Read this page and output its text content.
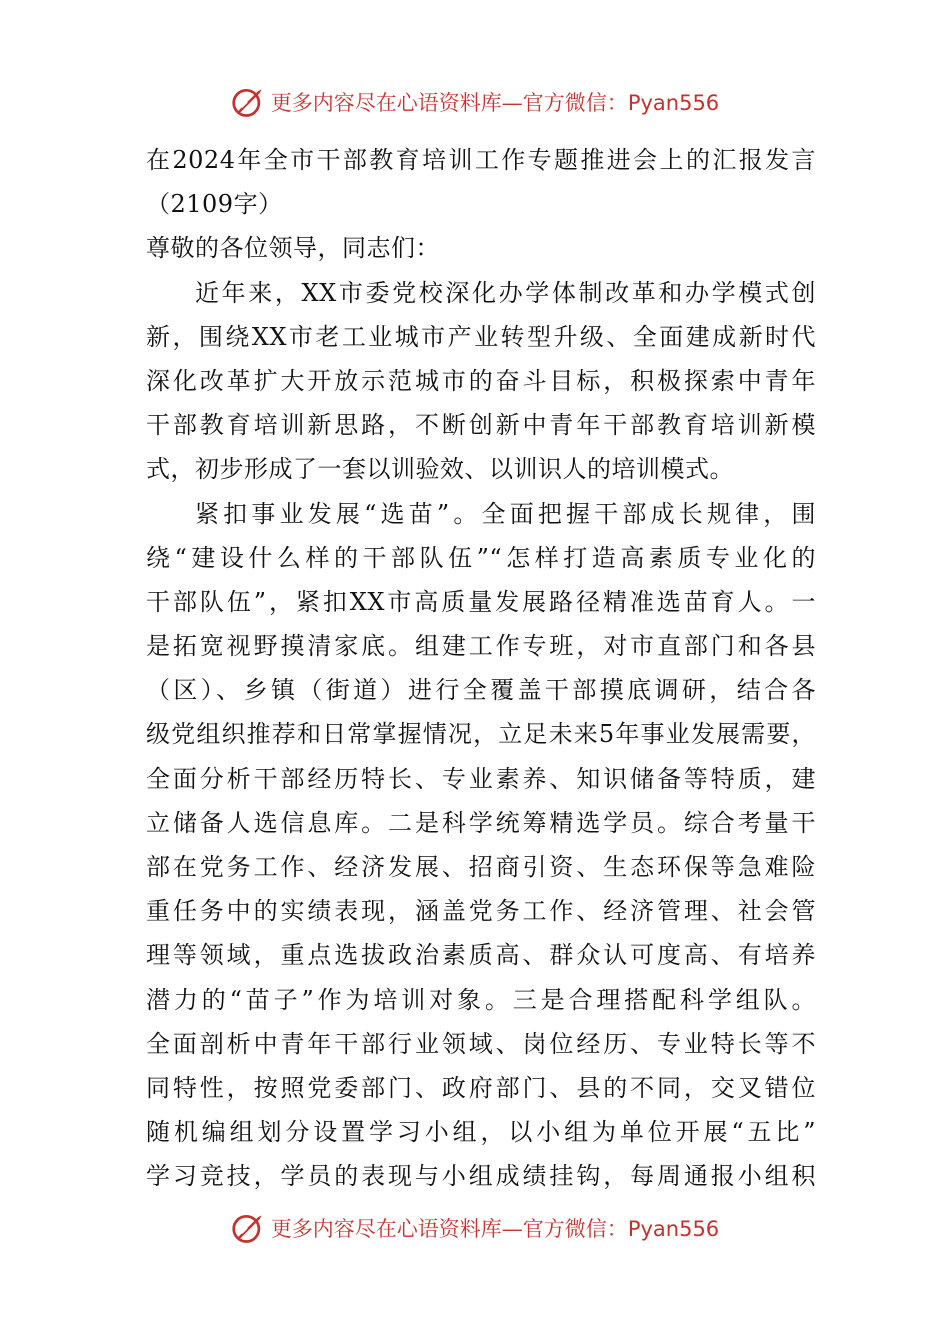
更多内容尽在心语资料库—官方微信：Pyan556
在2024年全市干部教育培训工作专题推进会上的汇报发言
（2109字）
尊敬的各位领导，同志们：
近年来，XX市委党校深化办学体制改革和办学模式创
新，围绕XX市老工业城市产业转型升级、全面建成新时代
深化改革扩大开放示范城市的奋斗目标，积极探索中青年
干部教育培训新思路，不断创新中青年干部教育培训新模
式，初步形成了一套以训验效、以训识人的培训模式。
紧扣事业发展“选苗”。全面把握干部成长规律，围
绕“建设什么样的干部队伍”“怎样打造高素质专业化的
干部队伍”，紧扣XX市高质量发展路径精准选苗育人。一
是拓宽视野摸清家底。组建工作专班，对市直部门和各县
（区）、乡镇（街道）进行全覆盖干部摸底调研，结合各
级党组织推荐和日常掌握情况，立足未来5年事业发展需要，
全面分析干部经历特长、专业素养、知识储备等特质，建
立储备人选信息库。二是科学统筹精选学员。综合考量干
部在党务工作、经济发展、招商引资、生态环保等急难险
重任务中的实绩表现，涵盖党务工作、经济管理、社会管
理等领域，重点选拔政治素质高、群众认可度高、有培养
潜力的“苗子”作为培训对象。三是合理搭配科学组队。
全面剖析中青年干部行业领域、岗位经历、专业特长等不
同特性，按照党委部门、政府部门、县的不同，交叉错位
随机编组划分设置学习小组，以小组为单位开展“五比”
学习竞技，学员的表现与小组成绩挂钩，每周通报小组积
更多内容尽在心语资料库—官方微信：Pyan556
